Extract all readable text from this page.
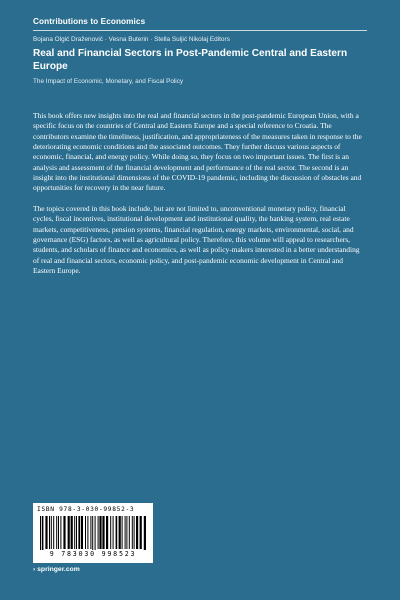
Contributions to Economics
Bojana Olgić Draženović · Vesna Buterin · Stella Suljić Nikolaj Editors
Real and Financial Sectors in Post-Pandemic Central and Eastern Europe
The Impact of Economic, Monetary, and Fiscal Policy

This book offers new insights into the real and financial sectors in the post-pandemic European Union, with a specific focus on the countries of Central and Eastern Europe and a special reference to Croatia. The contributors examine the timeliness, justification, and appropriateness of the measures taken in response to the deteriorating economic conditions and the associated outcomes. They further discuss various aspects of economic, financial, and energy policy. While doing so, they focus on two important issues. The first is an analysis and assessment of the financial development and performance of the real sector. The second is an insight into the institutional dimensions of the COVID-19 pandemic, including the discussion of obstacles and opportunities for recovery in the near future.

The topics covered in this book include, but are not limited to, unconventional monetary policy, financial cycles, fiscal incentives, institutional development and institutional quality, the banking system, real estate markets, competitiveness, pension systems, financial regulation, energy markets, environmental, social, and governance (ESG) factors, as well as agricultural policy. Therefore, this volume will appeal to researchers, students, and scholars of finance and economics, as well as policy-makers interested in a better understanding of real and financial sectors, economic policy, and post-pandemic economic development in Central and Eastern Europe.

ISBN 978-3-030-99852-3
9 783030 998523
› springer.com
